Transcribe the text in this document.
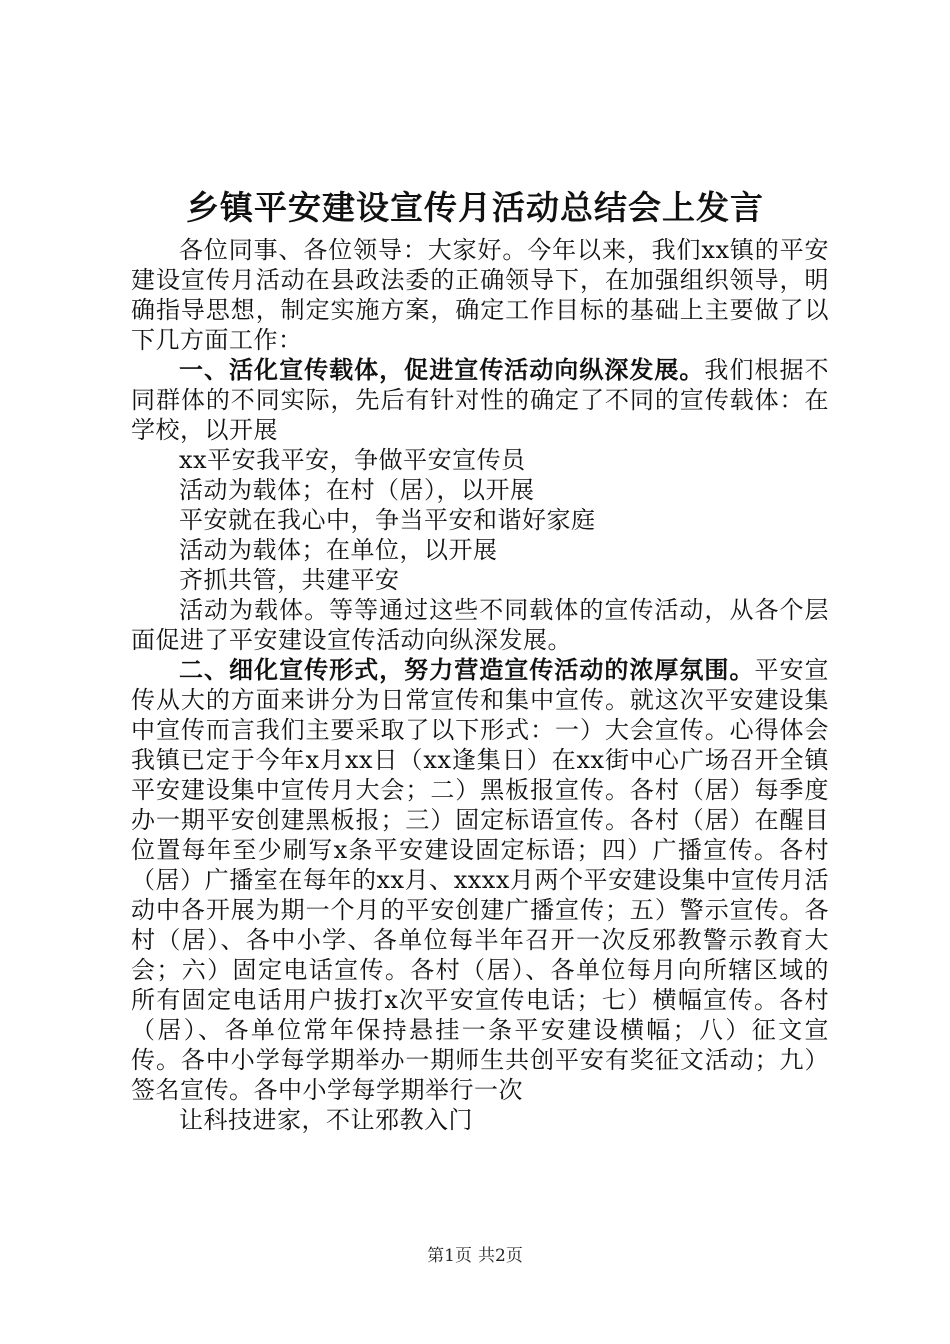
乡镇平安建设宣传月活动总结会上发言

各位同事、各位领导：大家好。今年以来，我们xx镇的平安建设宣传月活动在县政法委的正确领导下，在加强组织领导，明确指导思想，制定实施方案，确定工作目标的基础上主要做了以下几方面工作：

一、活化宣传载体，促进宣传活动向纵深发展。我们根据不同群体的不同实际，先后有针对性的确定了不同的宣传载体：在学校，以开展

xx平安我平安，争做平安宣传员

活动为载体；在村（居），以开展

平安就在我心中，争当平安和谐好家庭

活动为载体；在单位，以开展

齐抓共管，共建平安

活动为载体。等等通过这些不同载体的宣传活动，从各个层面促进了平安建设宣传活动向纵深发展。

二、细化宣传形式，努力营造宣传活动的浓厚氛围。平安宣传从大的方面来讲分为日常宣传和集中宣传。就这次平安建设集中宣传而言我们主要采取了以下形式：一）大会宣传。心得体会我镇已定于今年x月xx日（xx逢集日）在xx街中心广场召开全镇平安建设集中宣传月大会；二）黑板报宣传。各村（居）每季度办一期平安创建黑板报；三）固定标语宣传。各村（居）在醒目位置每年至少刷写x条平安建设固定标语；四）广播宣传。各村（居）广播室在每年的xx月、xxxx月两个平安建设集中宣传月活动中各开展为期一个月的平安创建广播宣传；五）警示宣传。各村（居）、各中小学、各单位每半年召开一次反邪教警示教育大会；六）固定电话宣传。各村（居）、各单位每月向所辖区域的所有固定电话用户拔打x次平安宣传电话；七）横幅宣传。各村（居）、各单位常年保持悬挂一条平安建设横幅；八）征文宣传。各中小学每学期举办一期师生共创平安有奖征文活动；九）签名宣传。各中小学每学期举行一次

让科技进家，不让邪教入门

第1页 共2页
